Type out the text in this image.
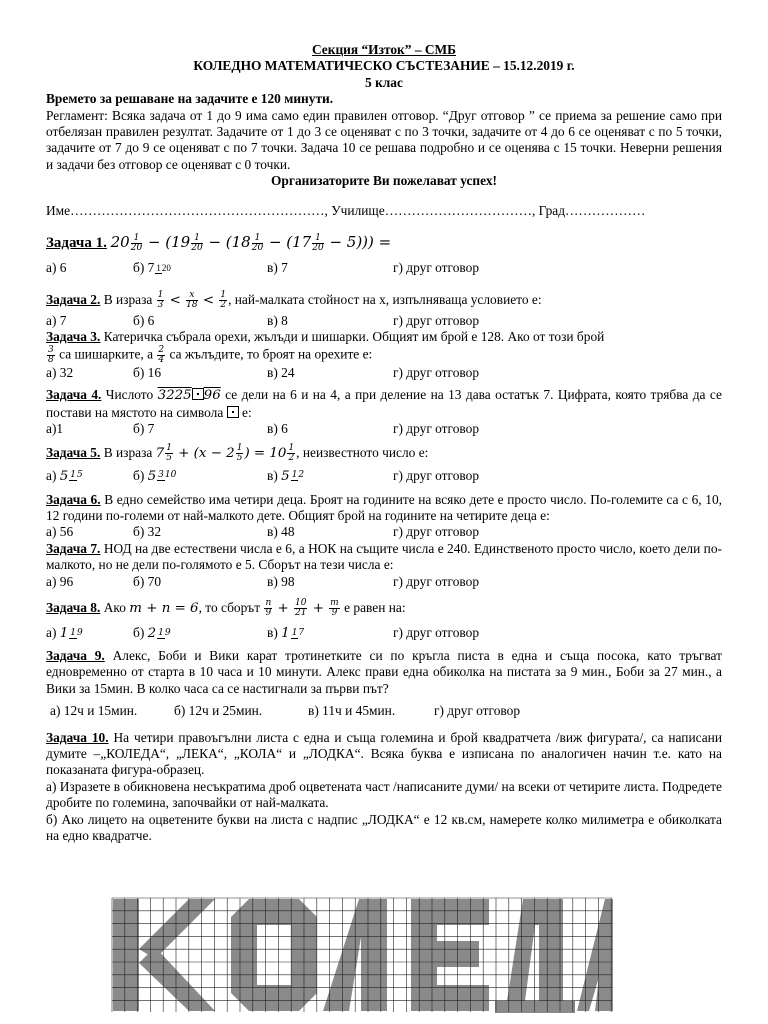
Секция “Изток” – СМБ
КОЛЕДНО МАТЕМАТИЧЕСКО СЪСТЕЗАНИЕ – 15.12.2019 г.
5 клас
Времето за решаване на задачите е 120 минути.
Регламент: Всяка задача от 1 до 9 има само един правилен отговор. “Друг отговор ” се приема за решение само при отбелязан правилен резултат. Задачите от 1 до 3 се оценяват с по 3 точки, задачите от 4 до 6 се оценяват с по 5 точки, задачите от 7 до 9 се оценяват с по 7 точки. Задача 10 се решава подробно и се оценява с 15 точки. Неверни решения и задачи без отговор се оценяват с 0 точки.
Организаторите Ви пожелават успех!
Име…………………………………………………, Училище……………………………, Град………………
Задача 1. $20 \frac{1}{20} - (19 \frac{1}{20} - (18 \frac{1}{20} - (17 \frac{1}{20} - 5)))$ =
а) 6	б) 7 120	в) 7	г) друг отговор
Задача 2. В израза $\frac{1}{3} < \frac{x}{18} < \frac{1}{2}$ , най-малката стойност на х, изпълняваща условието е:
а) 7	б) 6	в) 8	г) друг отговор
Задача 3. Катеричка събрала орехи, жълъди и шишарки. Общият им брой е 128. Ако от този брой
$\frac{3}{8}$ са шишарките, а $\frac{2}{4}$ са жълъдите, то броят на орехите е:
а) 32	б) 16	в) 24	г) друг отговор
Задача 4. Числото 3225 96 се дели на 6 и на 4, а при деление на 13 дава остатък 7. Цифрата, която трябва да се постави на мястото на символа е:
а)1	б) 7	в) 6	г) друг отговор
Задача 5. В израза $7 \frac{1}{5} + (x - 2 \frac{1}{5}$ ) = $10 \frac{1}{2}$ , неизвестното число е:
а) 5 15	б) 5 310	в) 5 12	г) друг отговор
Задача 6. В едно семейство има четири деца. Броят на годините на всяко дете е просто число. По-големите са с 6, 10, 12 години по-големи от най-малкото дете. Общият брой на годините на четирите деца е:
а) 56	б) 32	в) 48	г) друг отговор
Задача 7. НОД на две естествени числа е 6, а НОК на същите числа е 240. Единственото просто число, което дели по-малкото, но не дели по-голямото е 5. Сборът на тези числа е:
а) 96	б) 70	в) 98	г) друг отговор
Задача 8. Ако m + n = 6, то сборът $\frac{n}{9} + \frac{10}{21} + \frac{m}{9}$ е равен на:
а) 1 19	б) 2 19	в) 1 17	г) друг отговор
Задача 9. Алекс, Боби и Вики карат тротинетките си по кръгла писта в една и съща посока, като тръгват едновременно от старта в 10 часа и 10 минути. Алекс прави една обиколка на пистата за 9 мин., Боби за 27 мин., а Вики за 15мин. В колко часа са се настигнали за първи път?
а) 12ч и 15мин.	б) 12ч и 25мин.	в) 11ч и 45мин.	г) друг отговор
Задача 10. На четири правоъгълни листа с една и съща големина и брой квадратчета /виж фигурата/, са написани думите –„КОЛЕДА“, „ЛЕКА“, „КОЛА“ и „ЛОДКА“. Всяка буква е изписана по аналогичен начин т.е. като на показаната фигура-образец.
а) Изразете в обикновена несъкратима дроб оцветената част /написаните думи/ на всеки от четирите листа. Подредете дробите по големина, започвайки от най-малката.
б) Ако лицето на оцветените букви на листа с надпис „ЛОДКА“ е 12 кв.см, намерете колко милиметра е обиколката на едно квадратче.
